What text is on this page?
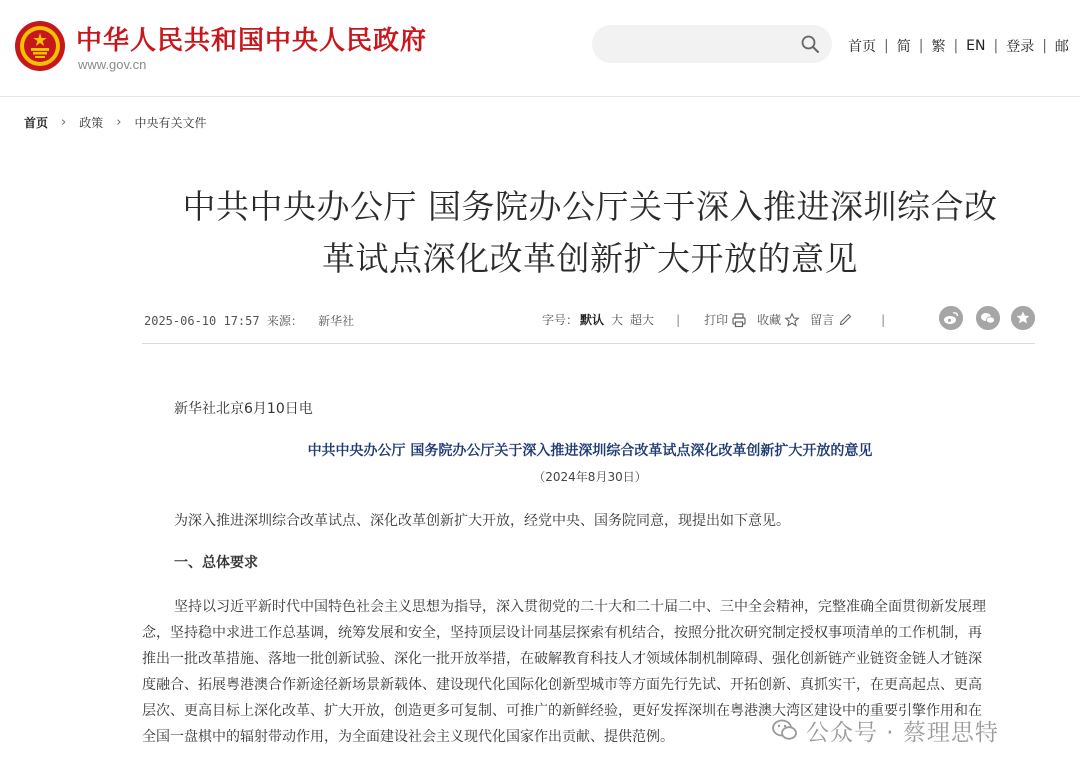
中华人民共和国中央人民政府
www.gov.cn
首页 | 简 | 繁 | EN | 登录 | 邮
首页 › 政策 › 中央有关文件
中共中央办公厅 国务院办公厅关于深入推进深圳综合改
革试点深化改革创新扩大开放的意见
2025-06-10 17:57 来源： 新华社	字号： 默认 大 超大 | 打印 收藏 留言	|
新华社北京6月10日电
中共中央办公厅 国务院办公厅关于深入推进深圳综合改革试点深化改革创新扩大开放的意见
（2024年8月30日）
为深入推进深圳综合改革试点、深化改革创新扩大开放，经党中央、国务院同意，现提出如下意见。
一、总体要求
坚持以习近平新时代中国特色社会主义思想为指导，深入贯彻党的二十大和二十届二中、三中全会精神，完整准确全面贯彻新发展理
念，坚持稳中求进工作总基调，统筹发展和安全，坚持顶层设计同基层探索有机结合，按照分批次研究制定授权事项清单的工作机制，再
推出一批改革措施、落地一批创新试验、深化一批开放举措，在破解教育科技人才领域体制机制障碍、强化创新链产业链资金链人才链深
度融合、拓展粤港澳合作新途径新场景新载体、建设现代化国际化创新型城市等方面先行先试、开拓创新、真抓实干，在更高起点、更高
层次、更高目标上深化改革、扩大开放，创造更多可复制、可推广的新鲜经验，更好发挥深圳在粤港澳大湾区建设中的重要引擎作用和在
全国一盘棋中的辐射带动作用，为全面建设社会主义现代化国家作出贡献、提供范例。	公众号 · 蔡理思特
